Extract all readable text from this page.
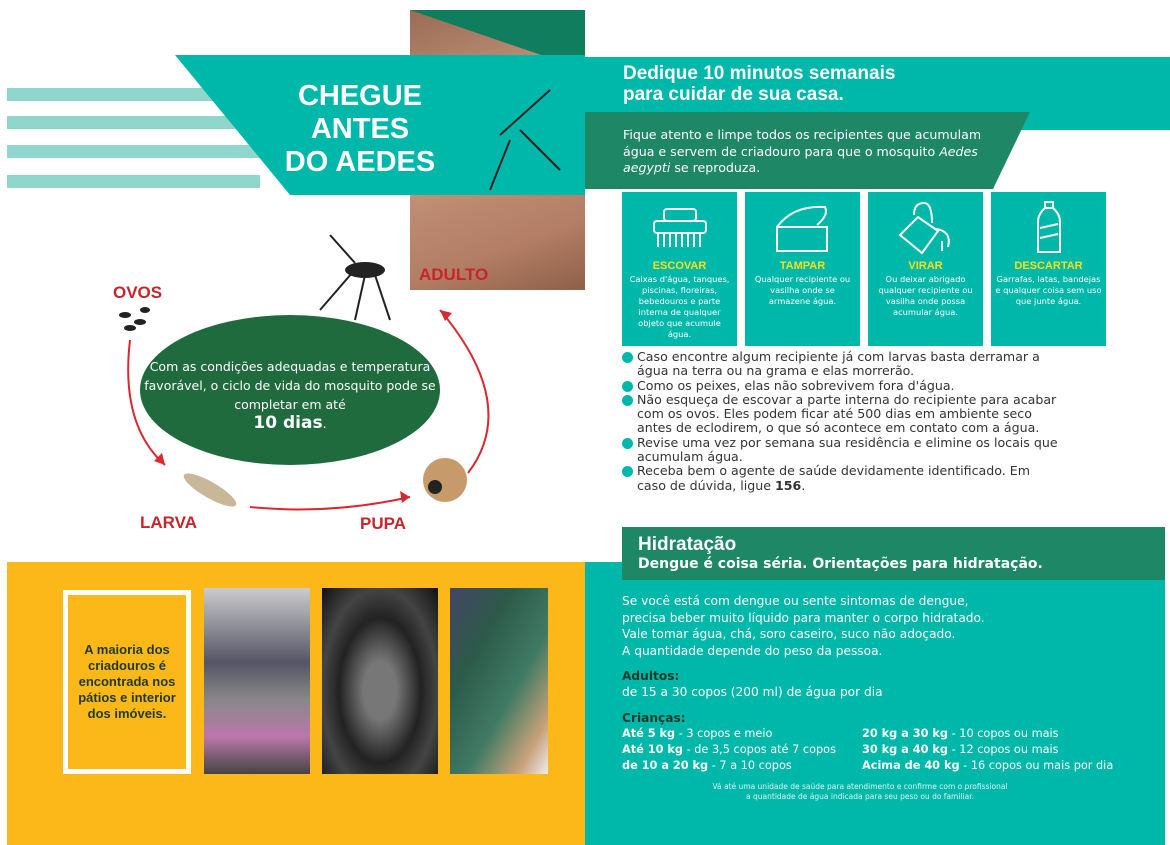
CHEGUE
ANTES
DO AEDES
OVOS
ADULTO
LARVA	PUPA
Com as condições adequadas e temperatura favorável, o ciclo de vida do mosquito pode se completar em até
10 dias.
A maioria dos criadouros é encontrada nos pátios e interior dos imóveis.
Dedique 10 minutos semanais
para cuidar de sua casa.
Fique atento e limpe todos os recipientes que acumulam água e servem de criadouro para que o mosquito Aedes aegypti se reproduza.
ESCOVAR

Caixas d'água, tanques, piscinas, floreiras, bebedouros e parte interna de qualquer objeto que acumule água.

TAMPAR

Qualquer recipiente ou vasilha onde se armazene água.

VIRAR

Ou deixar abrigado qualquer recipiente ou vasilha onde possa acumular água.

DESCARTAR

Garrafas, latas, bandejas e qualquer coisa sem uso que junte água.

Caso encontre algum recipiente já com larvas basta derramar a água na terra ou na grama e elas morrerão.
Como os peixes, elas não sobrevivem fora d'água.
Não esqueça de escovar a parte interna do recipiente para acabar com os ovos. Eles podem ficar até 500 dias em ambiente seco antes de eclodirem, o que só acontece em contato com a água.
Revise uma vez por semana sua residência e elimine os locais que acumulam água.
Receba bem o agente de saúde devidamente identificado. Em caso de dúvida, ligue 156.
Hidratação
Dengue é coisa séria. Orientações para hidratação.
Se você está com dengue ou sente sintomas de dengue,
precisa beber muito líquido para manter o corpo hidratado.
Vale tomar água, chá, soro caseiro, suco não adoçado.
A quantidade depende do peso da pessoa.
Adultos:
de 15 a 30 copos (200 ml) de água por dia
Crianças:
Até 5 kg - 3 copos e meio
Até 10 kg - de 3,5 copos até 7 copos
de 10 a 20 kg - 7 a 10 copos
20 kg a 30 kg - 10 copos ou mais
30 kg a 40 kg - 12 copos ou mais
Acima de 40 kg - 16 copos ou mais por dia
Vá até uma unidade de saúde para atendimento e confirme com o profissional
a quantidade de água indicada para seu peso ou do familiar.
